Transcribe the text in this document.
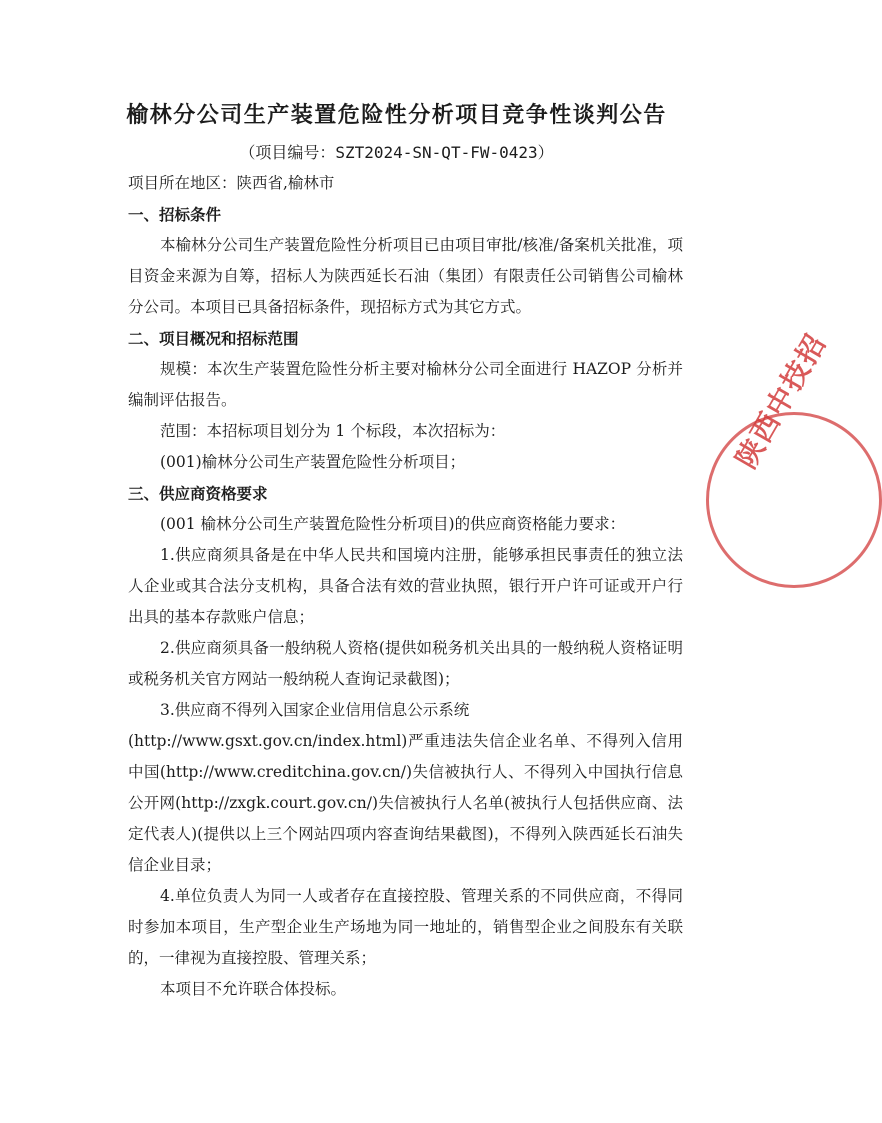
榆林分公司生产装置危险性分析项目竞争性谈判公告
（项目编号：SZT2024-SN-QT-FW-0423）
项目所在地区：陕西省,榆林市
一、招标条件

本榆林分公司生产装置危险性分析项目已由项目审批/核准/备案机关批准，项目资金来源为自筹，招标人为陕西延长石油（集团）有限责任公司销售公司榆林分公司。本项目已具备招标条件，现招标方式为其它方式。

二、项目概况和招标范围

规模：本次生产装置危险性分析主要对榆林分公司全面进行 HAZOP 分析并编制评估报告。

范围：本招标项目划分为 1 个标段，本次招标为：

(001)榆林分公司生产装置危险性分析项目；

三、供应商资格要求

(001 榆林分公司生产装置危险性分析项目)的供应商资格能力要求：

1.供应商须具备是在中华人民共和国境内注册，能够承担民事责任的独立法人企业或其合法分支机构，具备合法有效的营业执照，银行开户许可证或开户行出具的基本存款账户信息；

2.供应商须具备一般纳税人资格(提供如税务机关出具的一般纳税人资格证明或税务机关官方网站一般纳税人查询记录截图)；

3.供应商不得列入国家企业信用信息公示系统

(http://www.gsxt.gov.cn/index.html)严重违法失信企业名单、不得列入信用中国(http://www.creditchina.gov.cn/)失信被执行人、不得列入中国执行信息公开网(http://zxgk.court.gov.cn/)失信被执行人名单(被执行人包括供应商、法定代表人)(提供以上三个网站四项内容查询结果截图)，不得列入陕西延长石油失信企业目录；

4.单位负责人为同一人或者存在直接控股、管理关系的不同供应商，不得同时参加本项目，生产型企业生产场地为同一地址的，销售型企业之间股东有关联的，一律视为直接控股、管理关系；

本项目不允许联合体投标。

陕西中技招
